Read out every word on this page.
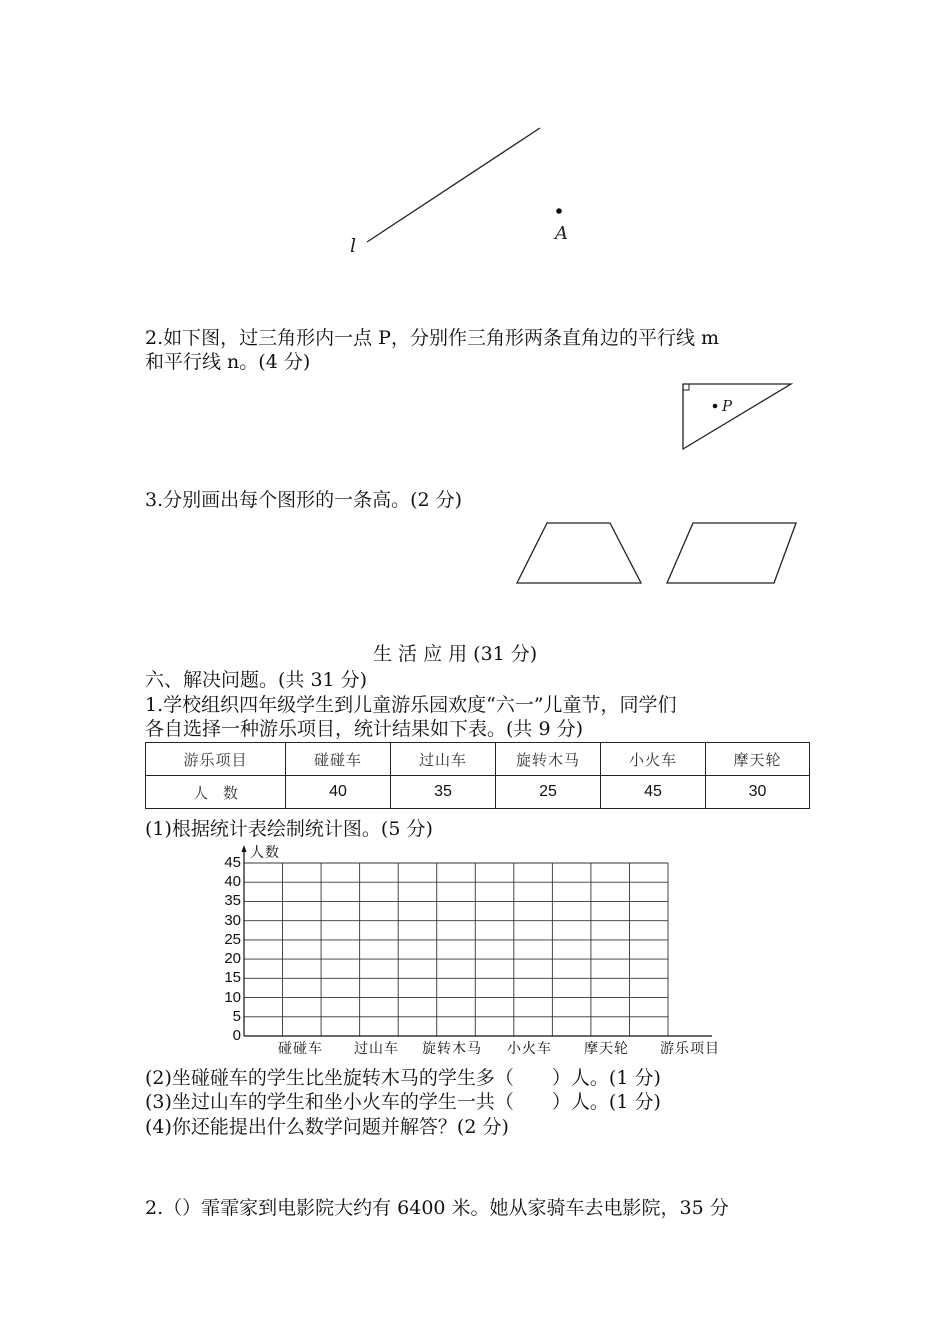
l
A
2.如下图，过三角形内一点 P，分别作三角形两条直角边的平行线 m
和平行线 n。(4 分)
P
3.分别画出每个图形的一条高。(2 分)
生 活 应 用 (31 分)
六、解决问题。(共 31 分)
1.学校组织四年级学生到儿童游乐园欢度“六一”儿童节，同学们
各自选择一种游乐项目，统计结果如下表。(共 9 分)
游乐项目	碰碰车	过山车	旋转木马	小火车	摩天轮
人　数	40	35	25	45	30
(1)根据统计表绘制统计图。(5 分)
45
40
35
30
25
20
15
10
5
0
碰碰车 过山车 旋转木马 小火车 摩天轮
人数
游乐项目
(2)坐碰碰车的学生比坐旋转木马的学生多（　　）人。(1 分)
(3)坐过山车的学生和坐小火车的学生一共（　　）人。(1 分)
(4)你还能提出什么数学问题并解答？(2 分)
2.（）霏霏家到电影院大约有 6400 米。她从家骑车去电影院，35 分
